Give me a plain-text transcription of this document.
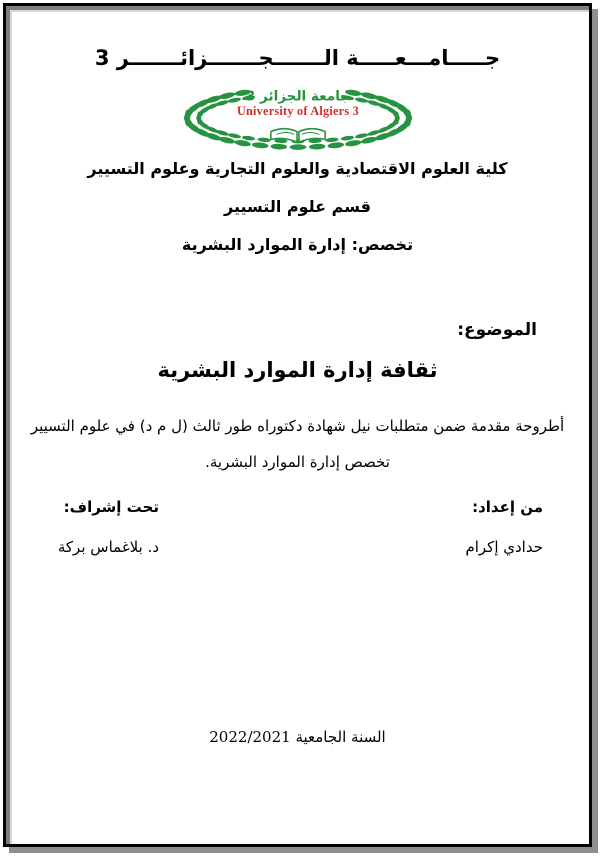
جـــــامـــعـــــة الـــــــجـــــــزائـــــــر 3
جامعة الجزائر 3
University of Algiers 3
كلية العلوم الاقتصادية والعلوم التجارية وعلوم التسيير
قسم علوم التسيير
تخصص: إدارة الموارد البشرية
الموضوع:
ثقافة إدارة الموارد البشرية
أطروحة مقدمة ضمن متطلبات نيل شهادة دكتوراه طور ثالث (ل م د) في علوم التسيير
تخصص إدارة الموارد البشرية.
من إعداد:
تحت إشراف:
حدادي إكرام
د. بلاغماس بركة
السنة الجامعية 2022/2021
